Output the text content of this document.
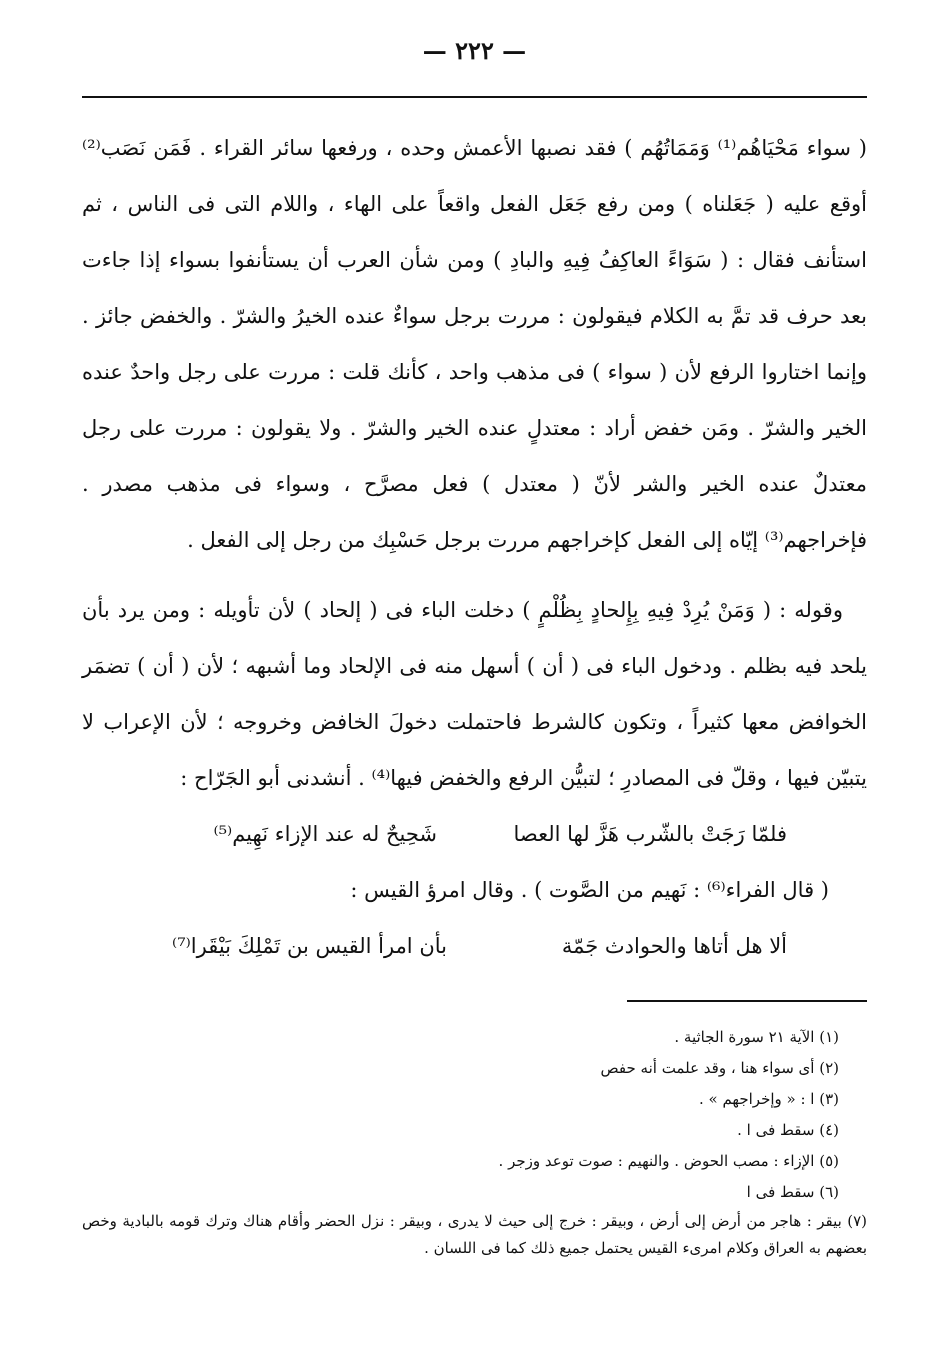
— ٢٢٢ —

( سواء مَحْيَاهُم⁽¹⁾ وَمَمَاتُهُم ) فقد نصبها الأعمش وحده ، ورفعها سائر القراء . فَمَن نَصَب⁽²⁾ أوقع عليه ( جَعَلناه ) ومن رفع جَعَل الفعل واقعاً على الهاء ، واللام التى فى الناس ، ثم استأنف فقال : ( سَوَاءً العاكِفُ فِيهِ والبادِ ) ومن شأن العرب أن يستأنفوا بسواء إذا جاءت بعد حرف قد تمَّ به الكلام فيقولون : مررت برجل سواءٌ عنده الخيرُ والشرّ . والخفض جائز . وإنما اختاروا الرفع لأن ( سواء ) فى مذهب واحد ، كأنك قلت : مررت على رجل واحدٌ عنده الخير والشرّ . ومَن خفض أراد : معتدلٍ عنده الخير والشرّ . ولا يقولون : مررت على رجل معتدلٌ عنده الخير والشر لأنّ ( معتدل ) فعل مصرَّح ، وسواء فى مذهب مصدر . فإخراجهم⁽³⁾ إيّاه إلى الفعل كإخراجهم مررت برجل حَسْبِك من رجل إلى الفعل .

وقوله : ( وَمَنْ يُرِدْ فِيهِ بِإِلحادٍ بِظُلْمٍ ) دخلت الباء فى ( إلحاد ) لأن تأويله : ومن يرد بأن يلحد فيه بظلم . ودخول الباء فى ( أن ) أسهل منه فى الإلحاد وما أشبهه ؛ لأن ( أن ) تضمَر الخوافض معها كثيراً ، وتكون كالشرط فاحتملت دخولَ الخافض وخروجه ؛ لأن الإعراب لا يتبيّن فيها ، وقلّ فى المصادرِ ؛ لتبيُّن الرفع والخفض فيها⁽⁴⁾ . أنشدنى أبو الجَرّاح :

فلمّا رَجَتْ بالشّرب هَزَّ لها العصا
شَحِيحٌ له عند الإزاء نَهِيم⁽⁵⁾

( قال الفراء⁽⁶⁾ : نَهيم من الصَّوت ) . وقال امرؤ القيس :

ألا هل أتاها والحوادث جَمّة
بأن امرأ القيس بن تَمْلِكَ بَيْقَرا⁽⁷⁾

(١) الآية ٢١ سورة الجاثية .

(٢) أى سواء هنا ، وقد علمت أنه حفص

(٣) ا : « وإخراجهم » .

(٤) سقط فى ا .

(٥) الإزاء : مصب الحوض . والنهيم : صوت توعد وزجر .

(٦) سقط فى ا

(٧) بيقر : هاجر من أرض إلى أرض ، وبيقر : خرج إلى حيث لا يدرى ، وبيقر : نزل الحضر وأقام هناك وترك قومه بالبادية وخص بعضهم به العراق وكلام امرىء القيس يحتمل جميع ذلك كما فى اللسان .
